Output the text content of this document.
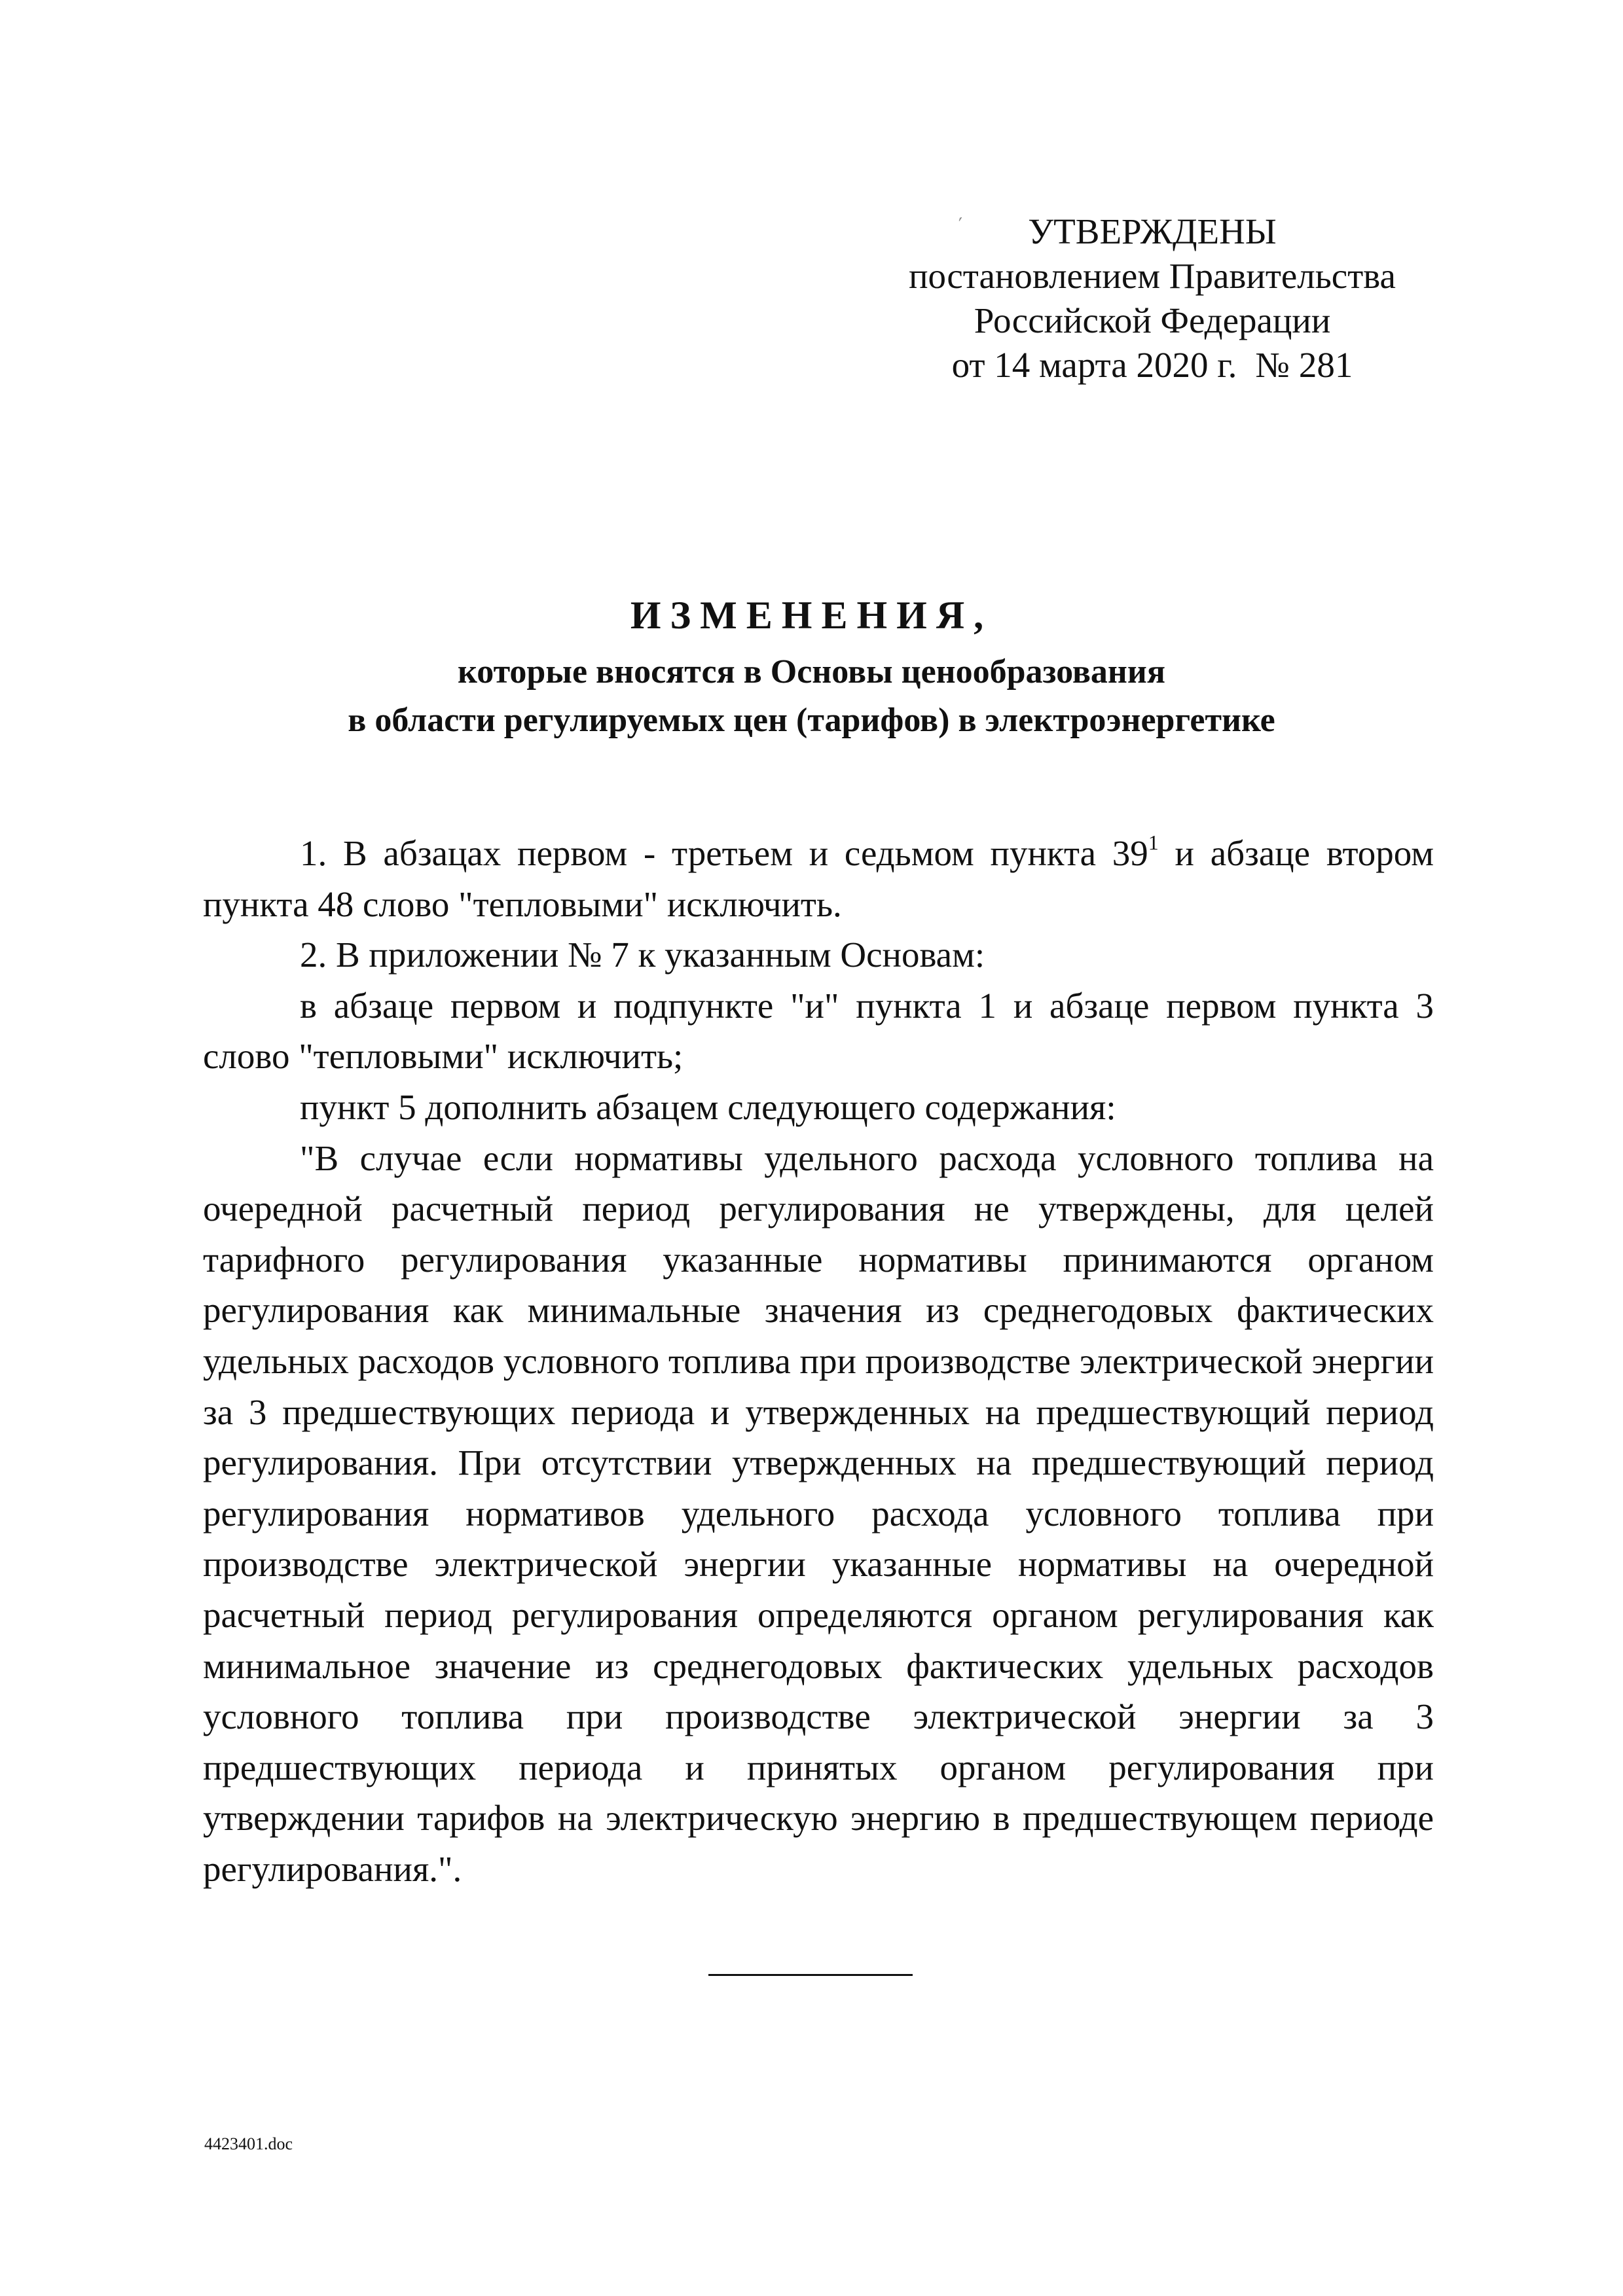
ˊ	УТВЕРЖДЕНЫ
постановлением Правительства
Российской Федерации
от 14 марта 2020 г. № 281
ИЗМЕНЕНИЯ,
которые вносятся в Основы ценообразования
в области регулируемых цен (тарифов) в электроэнергетике

1. В абзацах первом - третьем и седьмом пункта $39^1$ и абзаце втором пункта 48 слово "тепловыми" исключить.

2. В приложении № 7 к указанным Основам:

в абзаце первом и подпункте "и" пункта 1 и абзаце первом пункта 3 слово "тепловыми" исключить;

пункт 5 дополнить абзацем следующего содержания:

"В случае если нормативы удельного расхода условного топлива на очередной расчетный период регулирования не утверждены, для целей тарифного регулирования указанные нормативы принимаются органом регулирования как минимальные значения из среднегодовых фактических удельных расходов условного топлива при производстве электрической энергии за 3 предшествующих периода и утвержденных на предшествующий период регулирования. При отсутствии утвержденных на предшествующий период регулирования нормативов удельного расхода условного топлива при производстве электрической энергии указанные нормативы на очередной расчетный период регулирования определяются органом регулирования как минимальное значение из среднегодовых фактических удельных расходов условного топлива при производстве электрической энергии за 3 предшествующих периода и принятых органом регулирования при утверждении тарифов на электрическую энергию в предшествующем периоде регулирования.".

4423401.doc
